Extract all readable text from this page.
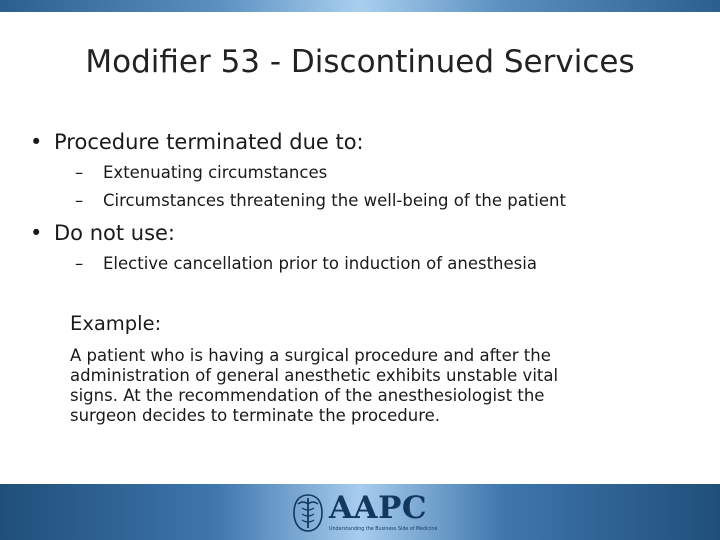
Modifier 53 - Discontinued Services
• Procedure terminated due to:
– Extenuating circumstances
– Circumstances threatening the well-being of the patient
• Do not use:
– Elective cancellation prior to induction of anesthesia
Example:
A patient who is having a surgical procedure and after the
administration of general anesthetic exhibits unstable vital
signs. At the recommendation of the anesthesiologist the
surgeon decides to terminate the procedure.
AAPC
Understanding the Business Side of Medicine
